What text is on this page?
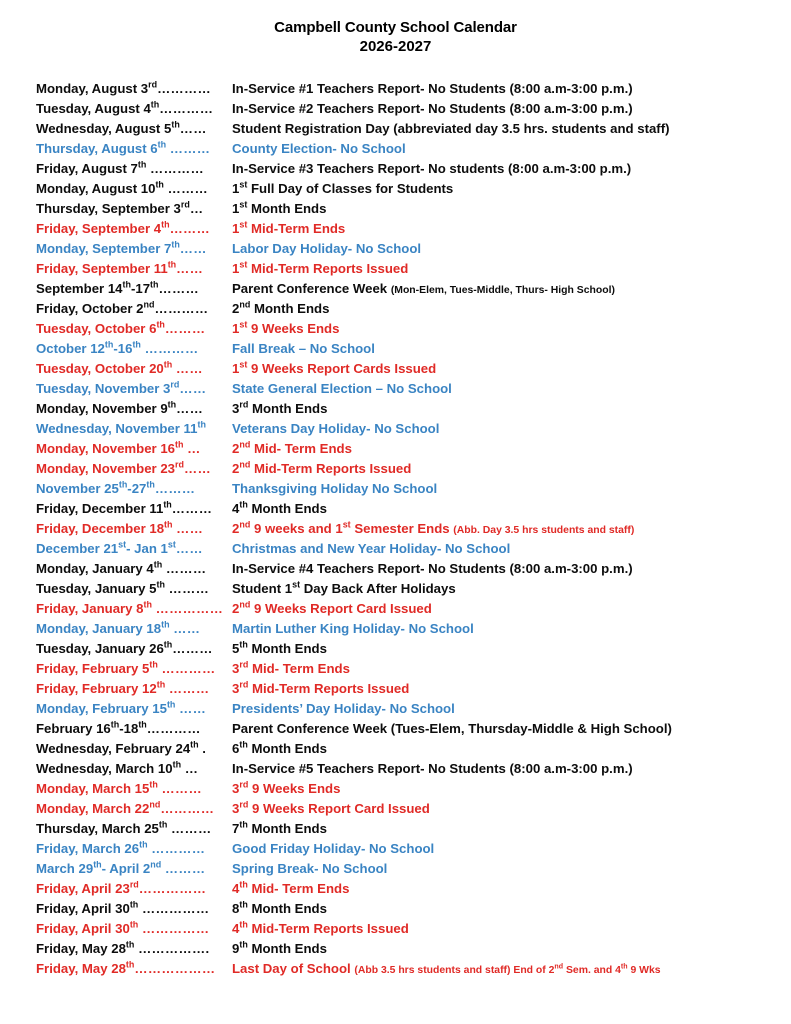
Campbell County School Calendar
2026-2027
Monday, August 3rd…………	In-Service #1 Teachers Report- No Students (8:00 a.m-3:00 p.m.)
Tuesday, August 4th…………	In-Service #2 Teachers Report- No Students (8:00 a.m-3:00 p.m.)
Wednesday, August 5th……	Student Registration Day (abbreviated day 3.5 hrs. students and staff)
Thursday, August 6th ………	County Election- No School
Friday, August 7th …………	In-Service #3 Teachers Report- No students (8:00 a.m-3:00 p.m.)
Monday, August 10th ………	1st Full Day of Classes for Students
Thursday, September 3rd…	1st Month Ends
Friday, September 4th………	1st Mid-Term Ends
Monday, September 7th……	Labor Day Holiday- No School
Friday, September 11th……	1st Mid-Term Reports Issued
September 14th-17th………	Parent Conference Week (Mon-Elem, Tues-Middle, Thurs- High School)
Friday, October 2nd…………	2nd Month Ends
Tuesday, October 6th………	1st 9 Weeks Ends
October 12th-16th …………	Fall Break – No School
Tuesday, October 20th ……	1st 9 Weeks Report Cards Issued
Tuesday, November 3rd……	State General Election – No School
Monday, November 9th……	3rd Month Ends
Wednesday, November 11th	Veterans Day Holiday- No School
Monday, November 16th …	2nd Mid- Term Ends
Monday, November 23rd……	2nd Mid-Term Reports Issued
November 25th-27th………	Thanksgiving Holiday No School
Friday, December 11th………	4th Month Ends
Friday, December 18th ……	2nd 9 weeks and 1st Semester Ends (Abb. Day 3.5 hrs students and staff)
December 21st- Jan 1st……	Christmas and New Year Holiday- No School
Monday, January 4th ………	In-Service #4 Teachers Report- No Students (8:00 a.m-3:00 p.m.)
Tuesday, January 5th ………	Student 1st Day Back After Holidays
Friday, January 8th …………… 2nd 9 Weeks Report Card Issued
Monday, January 18th ……	Martin Luther King Holiday- No School
Tuesday, January 26th………	5th Month Ends
Friday, February 5th …………	3rd Mid- Term Ends
Friday, February 12th ………	3rd Mid-Term Reports Issued
Monday, February 15th ……	Presidents’ Day Holiday- No School
February 16th-18th…………	Parent Conference Week (Tues-Elem, Thursday-Middle & High School)
Wednesday, February 24th .	6th Month Ends
Wednesday, March 10th …	In-Service #5 Teachers Report- No Students (8:00 a.m-3:00 p.m.)
Monday, March 15th ………	3rd 9 Weeks Ends
Monday, March 22nd…………	3rd 9 Weeks Report Card Issued
Thursday, March 25th ………	7th Month Ends
Friday, March 26th …………	Good Friday Holiday- No School
March 29th- April 2nd ………	Spring Break- No School
Friday, April 23rd……………	4th Mid- Term Ends
Friday, April 30th ……………	8th Month Ends
Friday, April 30th ……………	4th Mid-Term Reports Issued
Friday, May 28th …………….	9th Month Ends
Friday, May 28th………………	Last Day of School (Abb 3.5 hrs students and staff) End of 2nd Sem. and 4th 9 Wks
